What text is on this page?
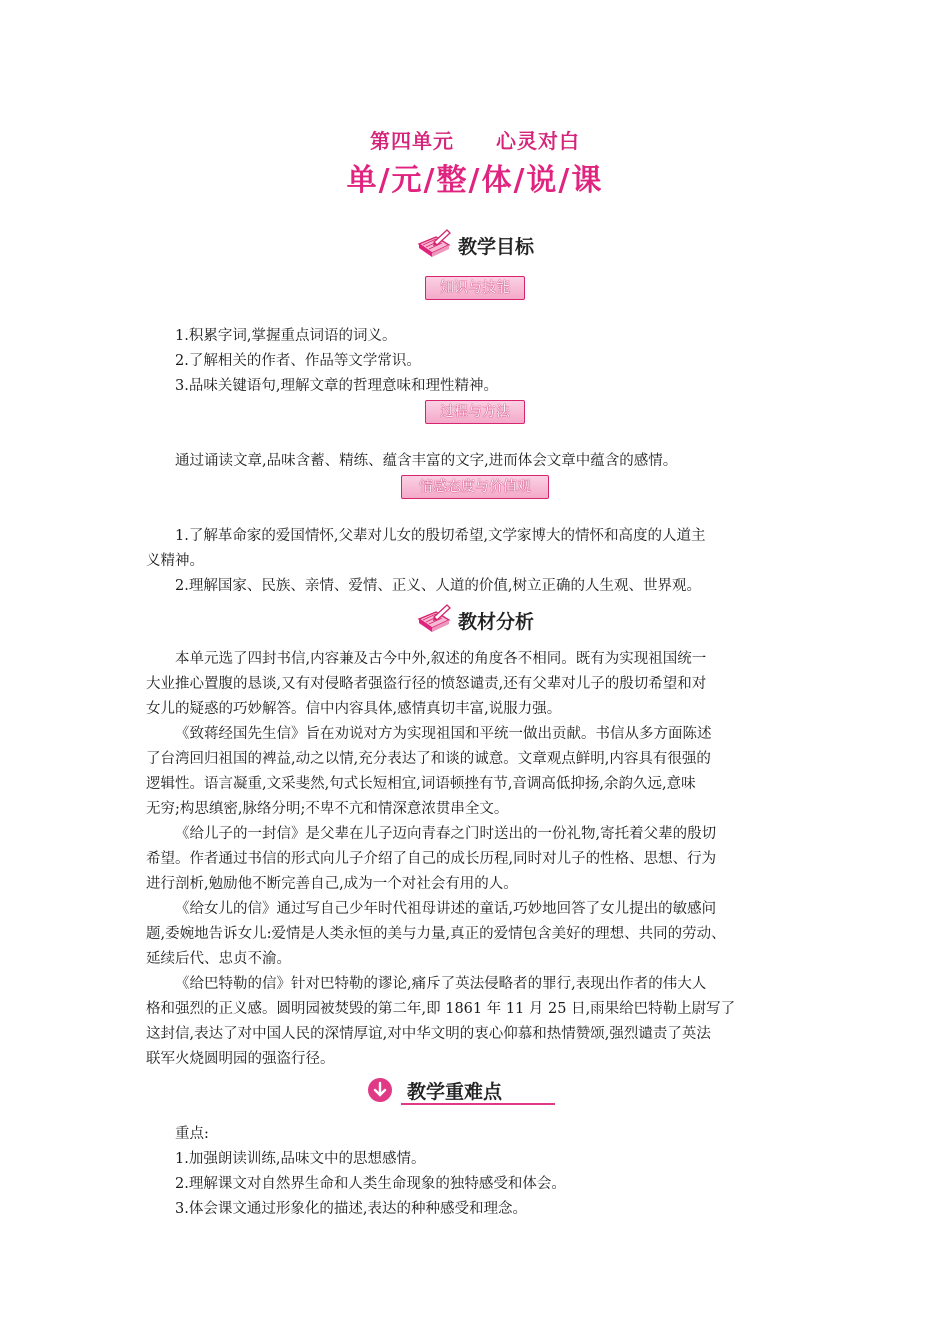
第四单元 心灵对白
单/元/整/体/说/课
教学目标
知识与技能
1.积累字词,掌握重点词语的词义。
2.了解相关的作者、作品等文学常识。
3.品味关键语句,理解文章的哲理意味和理性精神。
过程与方法
通过诵读文章,品味含蓄、精练、蕴含丰富的文字,进而体会文章中蕴含的感情。
情感态度与价值观
1.了解革命家的爱国情怀,父辈对儿女的殷切希望,文学家博大的情怀和高度的人道主
义精神。
2.理解国家、民族、亲情、爱情、正义、人道的价值,树立正确的人生观、世界观。
教材分析
本单元选了四封书信,内容兼及古今中外,叙述的角度各不相同。既有为实现祖国统一
大业推心置腹的恳谈,又有对侵略者强盗行径的愤怒谴责,还有父辈对儿子的殷切希望和对
女儿的疑惑的巧妙解答。信中内容具体,感情真切丰富,说服力强。
《致蒋经国先生信》旨在劝说对方为实现祖国和平统一做出贡献。书信从多方面陈述
了台湾回归祖国的裨益,动之以情,充分表达了和谈的诚意。文章观点鲜明,内容具有很强的
逻辑性。语言凝重,文采斐然,句式长短相宜,词语顿挫有节,音调高低抑扬,余韵久远,意味
无穷;构思缜密,脉络分明;不卑不亢和情深意浓贯串全文。
《给儿子的一封信》是父辈在儿子迈向青春之门时送出的一份礼物,寄托着父辈的殷切
希望。作者通过书信的形式向儿子介绍了自己的成长历程,同时对儿子的性格、思想、行为
进行剖析,勉励他不断完善自己,成为一个对社会有用的人。
《给女儿的信》通过写自己少年时代祖母讲述的童话,巧妙地回答了女儿提出的敏感问
题,委婉地告诉女儿:爱情是人类永恒的美与力量,真正的爱情包含美好的理想、共同的劳动、
延续后代、忠贞不渝。
《给巴特勒的信》针对巴特勒的谬论,痛斥了英法侵略者的罪行,表现出作者的伟大人
格和强烈的正义感。圆明园被焚毁的第二年,即 1861 年 11 月 25 日,雨果给巴特勒上尉写了
这封信,表达了对中国人民的深情厚谊,对中华文明的衷心仰慕和热情赞颂,强烈谴责了英法
联军火烧圆明园的强盗行径。
教学重难点
重点:
1.加强朗读训练,品味文中的思想感情。
2.理解课文对自然界生命和人类生命现象的独特感受和体会。
3.体会课文通过形象化的描述,表达的种种感受和理念。
